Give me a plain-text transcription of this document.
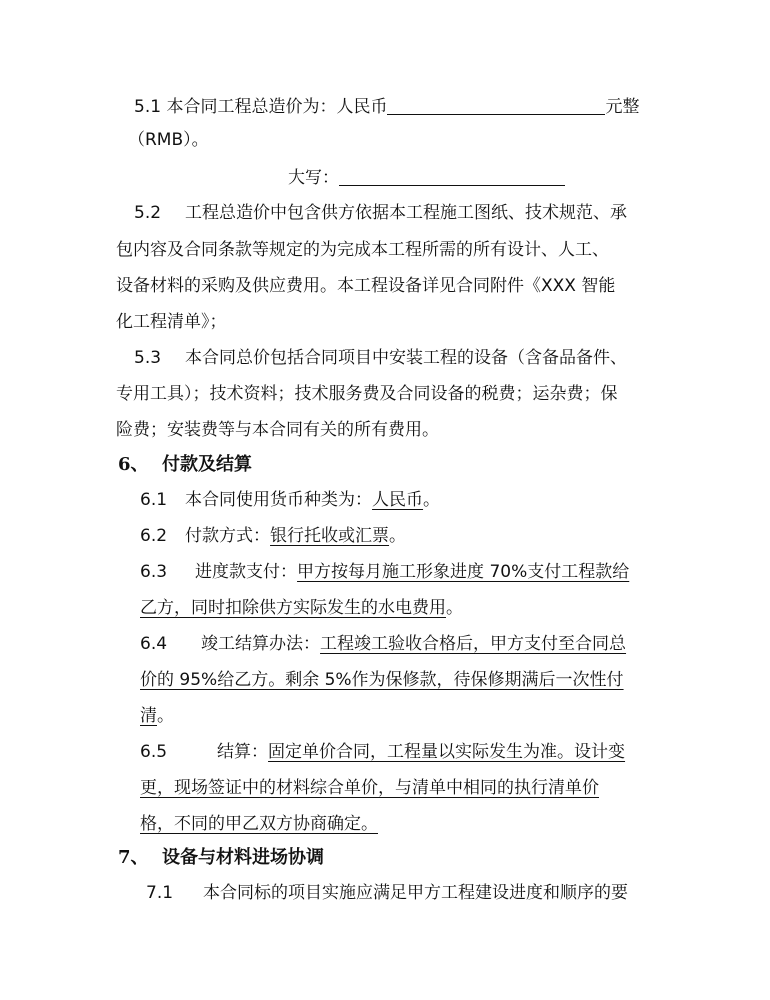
5.1 本合同工程总造价为：人民币	元整
（RMB）。
大写：
5.2 工程总造价中包含供方依据本工程施工图纸、技术规范、承
包内容及合同条款等规定的为完成本工程所需的所有设计、人工、
设备材料的采购及供应费用。本工程设备详见合同附件《XXX 智能
化工程清单》；
5.3 本合同总价包括合同项目中安装工程的设备（含备品备件、
专用工具）；技术资料；技术服务费及合同设备的税费；运杂费；保
险费；安装费等与本合同有关的所有费用。
6、 付款及结算
6.1 本合同使用货币种类为：人民币。
6.2 付款方式：银行托收或汇票。
6.3 进度款支付：甲方按每月施工形象进度 70%支付工程款给
乙方，同时扣除供方实际发生的水电费用。
6.4 竣工结算办法：工程竣工验收合格后，甲方支付至合同总
价的 95%给乙方。剩余 5%作为保修款，待保修期满后一次性付
清。
6.5	结算：固定单价合同，工程量以实际发生为准。设计变
更，现场签证中的材料综合单价，与清单中相同的执行清单价
格，不同的甲乙双方协商确定。
7、 设备与材料进场协调
7.1 本合同标的项目实施应满足甲方工程建设进度和顺序的要
